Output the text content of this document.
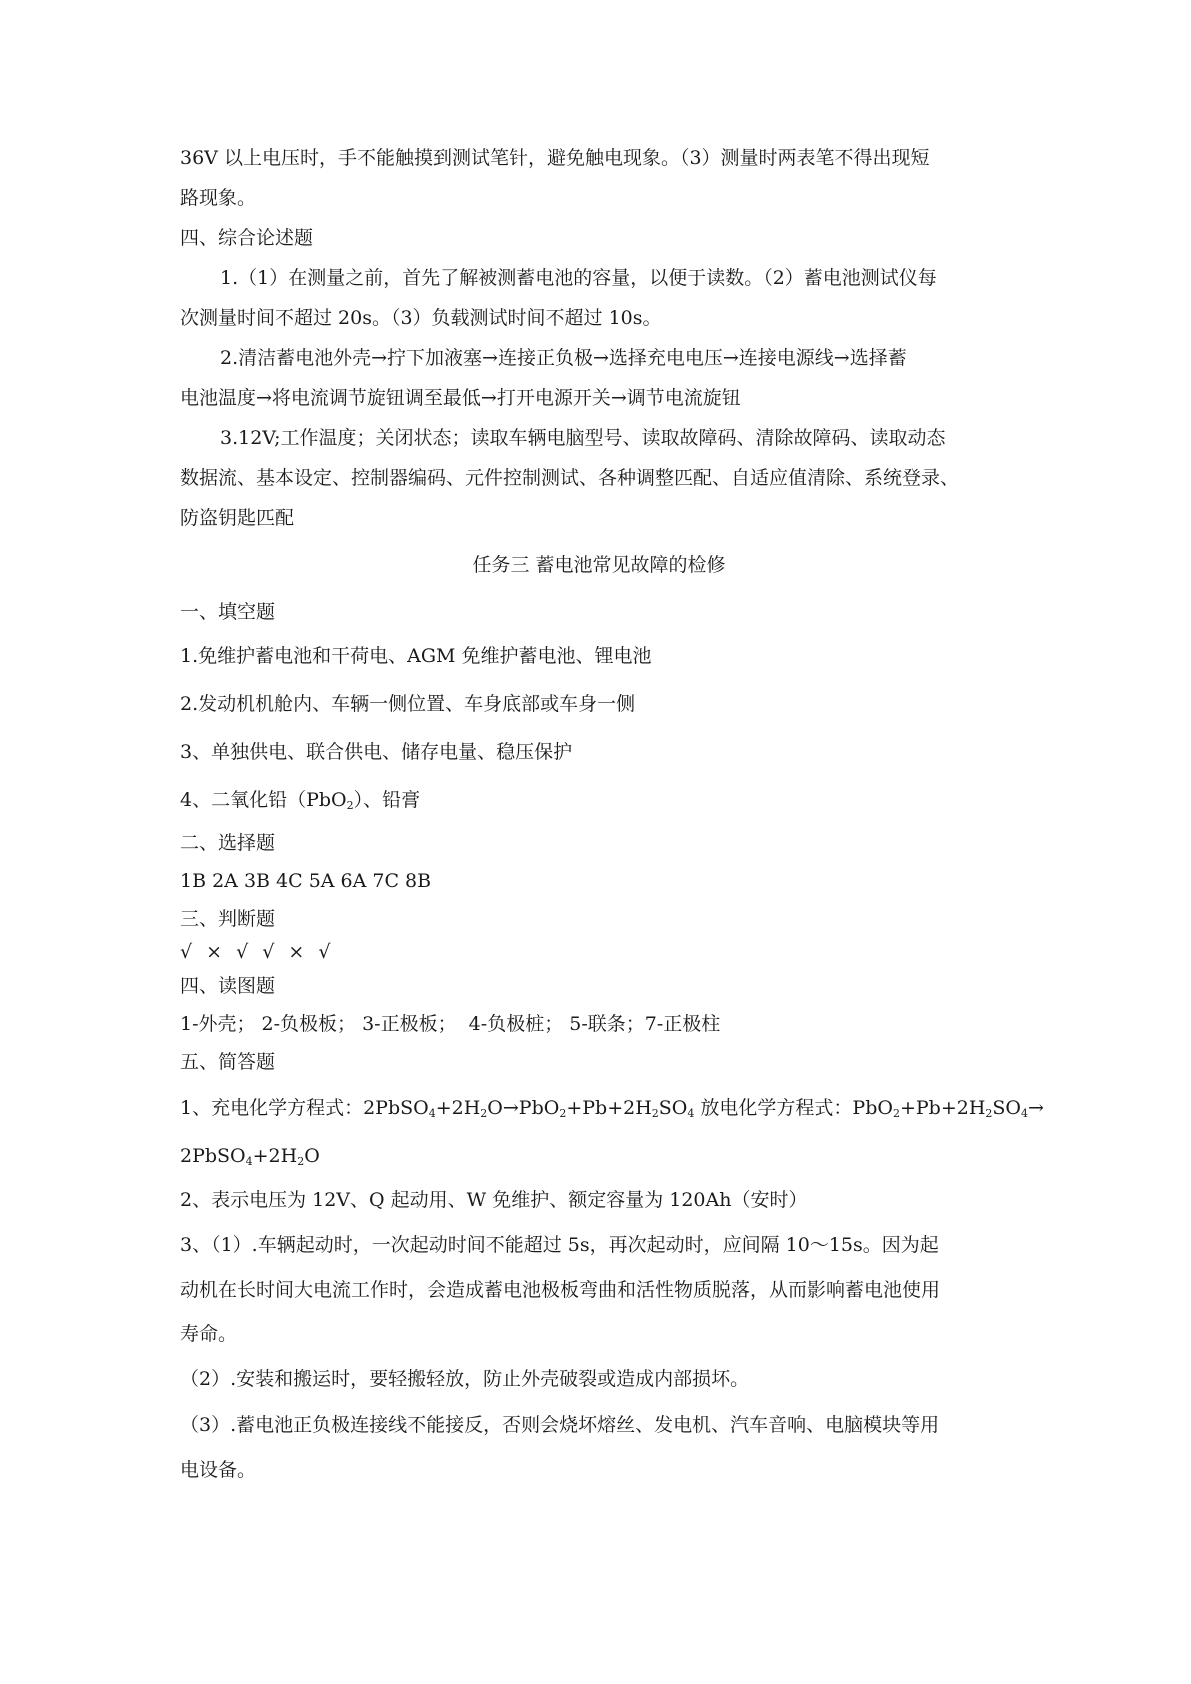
36V 以上电压时，手不能触摸到测试笔针，避免触电现象。（3）测量时两表笔不得出现短
路现象。
四、综合论述题
1.（1）在测量之前，首先了解被测蓄电池的容量，以便于读数。（2）蓄电池测试仪每
次测量时间不超过 20s。（3）负载测试时间不超过 10s。
2.清洁蓄电池外壳→拧下加液塞→连接正负极→选择充电电压→连接电源线→选择蓄
电池温度→将电流调节旋钮调至最低→打开电源开关→调节电流旋钮
3.12V;工作温度；关闭状态；读取车辆电脑型号、读取故障码、清除故障码、读取动态
数据流、基本设定、控制器编码、元件控制测试、各种调整匹配、自适应值清除、系统登录、
防盗钥匙匹配
任务三 蓄电池常见故障的检修
一、填空题
1.免维护蓄电池和干荷电、AGM 免维护蓄电池、锂电池
2.发动机机舱内、车辆一侧位置、车身底部或车身一侧
3、单独供电、联合供电、储存电量、稳压保护
4、二氧化铅（PbO$_2$）、铅膏
二、选择题
1B 2A 3B 4C 5A 6A 7C 8B
三、判断题
√ × √ √ × √
四、读图题
1-外壳； 2-负极板； 3-正极板；  4-负极桩； 5-联条；7-正极柱
五、简答题
1、充电化学方程式：$2PbSO_4+2H_2O\to PbO_2+Pb+2H_2SO_4$ 放电化学方程式：$PbO_2+Pb+2H_2SO_4\to$
$2PbSO_4+2H_2O$
2、表示电压为 12V、Q 起动用、W 免维护、额定容量为 120Ah（安时）
3、（1）.车辆起动时，一次起动时间不能超过 5s，再次起动时，应间隔 10～15s。因为起
动机在长时间大电流工作时，会造成蓄电池极板弯曲和活性物质脱落，从而影响蓄电池使用
寿命。
（2）.安装和搬运时，要轻搬轻放，防止外壳破裂或造成内部损坏。
（3）.蓄电池正负极连接线不能接反，否则会烧坏熔丝、发电机、汽车音响、电脑模块等用
电设备。
